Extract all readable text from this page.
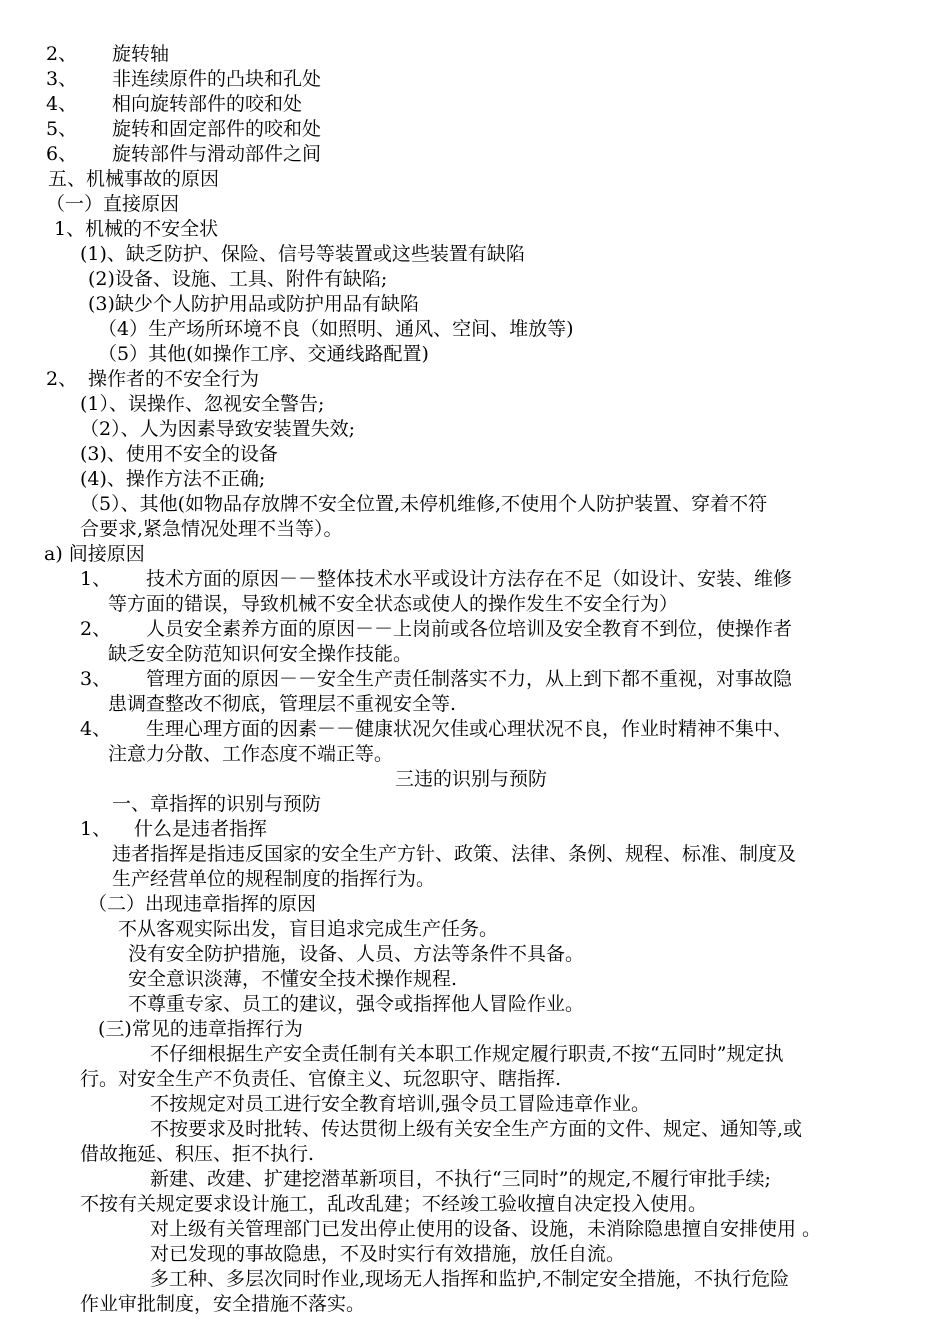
2、 旋转轴
3、 非连续原件的凸块和孔处
4、 相向旋转部件的咬和处
5、 旋转和固定部件的咬和处
6、 旋转部件与滑动部件之间
五、机械事故的原因
（一）直接原因
1、机械的不安全状
(1)、缺乏防护、保险、信号等装置或这些装置有缺陷
(2)设备、设施、工具、附件有缺陷;
(3)缺少个人防护用品或防护用品有缺陷
（4）生产场所环境不良（如照明、通风、空间、堆放等)
（5）其他(如操作工序、交通线路配置)
2、 操作者的不安全行为
(1）、误操作、忽视安全警告;
（2）、人为因素导致安装置失效;
(3)、使用不安全的设备
(4)、操作方法不正确;
（5）、其他(如物品存放牌不安全位置,未停机维修,不使用个人防护装置、穿着不符
合要求,紧急情况处理不当等）。
a) 间接原因
1、 技术方面的原因－－整体技术水平或设计方法存在不足（如设计、安装、维修
等方面的错误，导致机械不安全状态或使人的操作发生不安全行为）
2、 人员安全素养方面的原因－－上岗前或各位培训及安全教育不到位，使操作者
缺乏安全防范知识何安全操作技能。
3、 管理方面的原因－－安全生产责任制落实不力，从上到下都不重视，对事故隐
患调查整改不彻底，管理层不重视安全等.
4、 生理心理方面的因素－－健康状况欠佳或心理状况不良，作业时精神不集中、
注意力分散、工作态度不端正等。
三违的识别与预防
一、章指挥的识别与预防
1、 什么是违者指挥
违者指挥是指违反国家的安全生产方针、政策、法律、条例、规程、标准、制度及
生产经营单位的规程制度的指挥行为。
（二）出现违章指挥的原因
不从客观实际出发，盲目追求完成生产任务。
没有安全防护措施，设备、人员、方法等条件不具备。
安全意识淡薄，不懂安全技术操作规程.
不尊重专家、员工的建议，强令或指挥他人冒险作业。
(三)常见的违章指挥行为
不仔细根据生产安全责任制有关本职工作规定履行职责,不按“五同时”规定执
行。对安全生产不负责任、官僚主义、玩忽职守、瞎指挥.
不按规定对员工进行安全教育培训,强令员工冒险违章作业。
不按要求及时批转、传达贯彻上级有关安全生产方面的文件、规定、通知等,或
借故拖延、积压、拒不执行.
新建、改建、扩建挖潜革新项目，不执行“三同时”的规定,不履行审批手续;
不按有关规定要求设计施工，乱改乱建；不经竣工验收擅自决定投入使用。
对上级有关管理部门已发出停止使用的设备、设施，未消除隐患擅自安排使用 。
对已发现的事故隐患，不及时实行有效措施，放任自流。
多工种、多层次同时作业,现场无人指挥和监护,不制定安全措施，不执行危险
作业审批制度，安全措施不落实。
